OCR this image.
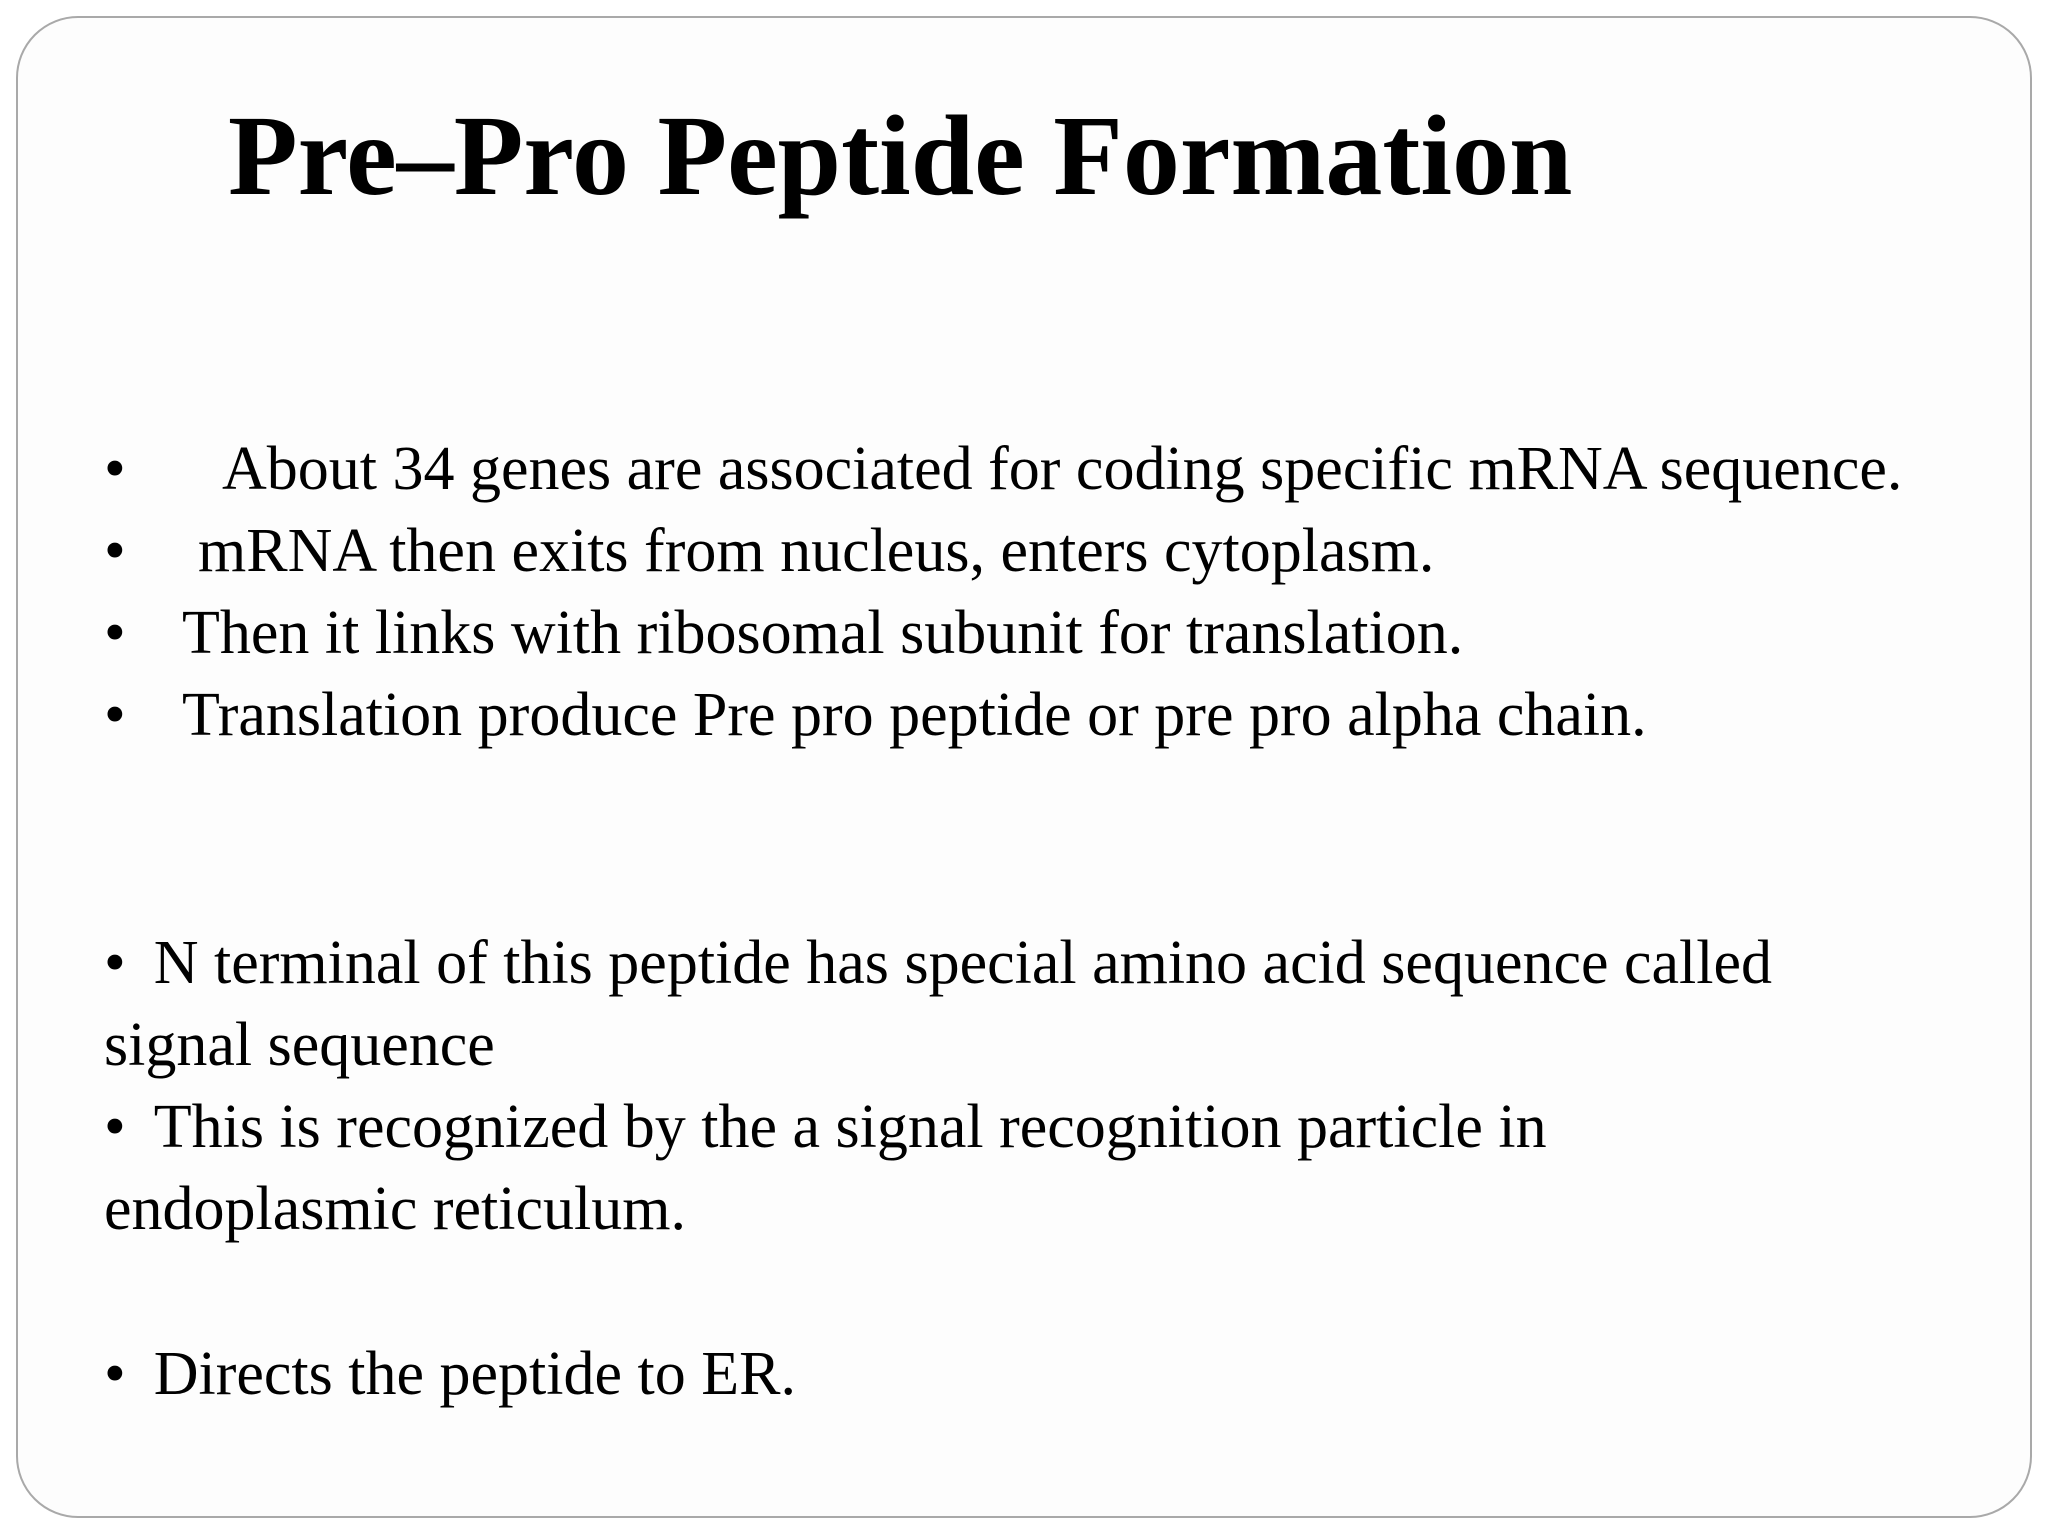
Pre–Pro Peptide Formation
•	About 34 genes are associated for coding specific mRNA sequence.
•	mRNA then exits from nucleus, enters cytoplasm.
• Then it links with ribosomal subunit for translation.
• Translation produce Pre pro peptide or pre pro alpha chain.

• N terminal of this peptide has special amino acid sequence called signal sequence

• This is recognized by the a signal recognition particle in endoplasmic reticulum.

• Directs the peptide to ER.
